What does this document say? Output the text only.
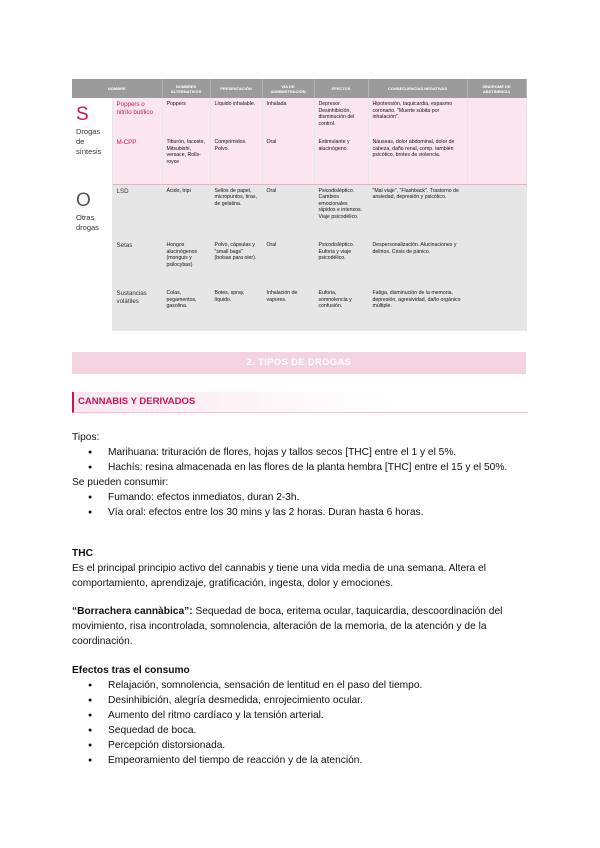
NOMBRE		NOMBRES ALTERNATIVOS	PRESENTACIÓN	VÍA DE ADMINISTRACIÓN	EFECTOS	CONSECUENCIAS NEGATIVAS	SÍNDROME DE ABSTINENCIA

S
Drogas de síntesis	Poppers o nitrito butílico	Poppers	Líquido inhalable.	Inhalada	Depresor. Desinhibición, disminución del control.	Hipotensión, taquicardia, espasmo coronario. "Muerte súbita por inhalación".	
	M-CPP	Tiburón, Iacoste, Mitsubishi, versace, Rolls-royce	Comprimidos. Polvo.	Oral	Estimulante y alucinógeno.	Náuseas, dolor abdominal, dolor de cabeza, daño renal, comp. también psicótico, brotes de violencia.	

O
Otras drogas	LSD	Ácido, tripi	Sellos de papel, micropuntos, tiras, de gelatina.	Oral	Psicodisléptico. Cambios emocionales rápidos e intensos. Viaje psicodélico.	"Mal viaje", "Flashback". Trastorno de ansiedad, depresión y psicótico.	
	Setas	Hongos alucinógenos (monguis y psilocybas)	Polvo, cápsulas y "small bags" (bolsas para oler).	Oral	Psicodisléptico. Euforia y viaje psicodélico.	Despersonalización. Alucinaciones y delirios. Crisis de pánico.	
	Sustancias volátiles	Colas, pegamentos, gasolina.	Botes, spray, líquido.	Inhalación de vapores.	Euforia, somnolencia y confusión.	Fatiga, disminución de la memoria, depresión, agresividad, daño orgánico múltiple.	
2. TIPOS DE DROGAS
CANNABIS Y DERIVADOS
Tipos:
● Marihuana: trituración de flores, hojas y tallos secos [THC] entre el 1 y el 5%.
● Hachís: resina almacenada en las flores de la planta hembra [THC] entre el 15 y el 50%.
Se pueden consumir:
● Fumando: efectos inmediatos, duran 2-3h.
● Vía oral: efectos entre los 30 mins y las 2 horas. Duran hasta 6 horas.
THC
Es el principal principio activo del cannabis y tiene una vida media de una semana. Altera el comportamiento, aprendizaje, gratificación, ingesta, dolor y emociones.
“Borrachera cannàbica”: Sequedad de boca, eritema ocular, taquicardia, descoordinación del movimiento, risa incontrolada, somnolencia, alteración de la memoria, de la atención y de la coordinación.
Efectos tras el consumo
● Relajación, somnolencia, sensación de lentitud en el paso del tiempo.
● Desinhibición, alegría desmedida, enrojecimiento ocular.
● Aumento del ritmo cardíaco y la tensión arterial.
● Sequedad de boca.
● Percepción distorsionada.
● Empeoramiento del tiempo de reacción y de la atención.
